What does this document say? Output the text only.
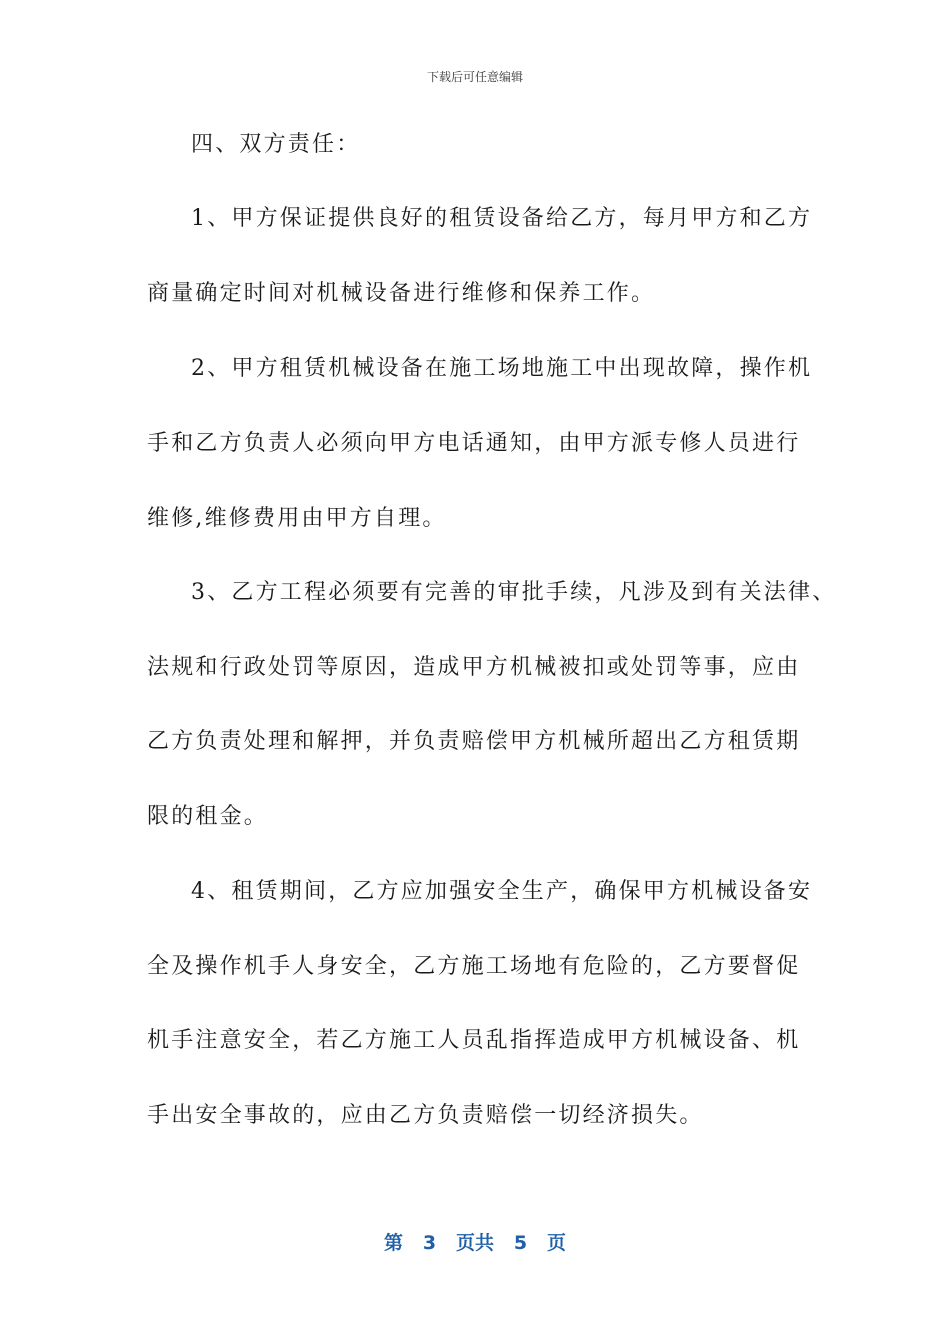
下载后可任意编辑
四、双方责任：
1、甲方保证提供良好的租赁设备给乙方，每月甲方和乙方
商量确定时间对机械设备进行维修和保养工作。
2、甲方租赁机械设备在施工场地施工中出现故障，操作机
手和乙方负责人必须向甲方电话通知，由甲方派专修人员进行
维修,维修费用由甲方自理。
3、乙方工程必须要有完善的审批手续，凡涉及到有关法律、
法规和行政处罚等原因，造成甲方机械被扣或处罚等事，应由
乙方负责处理和解押，并负责赔偿甲方机械所超出乙方租赁期
限的租金。
4、租赁期间，乙方应加强安全生产，确保甲方机械设备安
全及操作机手人身安全，乙方施工场地有危险的，乙方要督促
机手注意安全，若乙方施工人员乱指挥造成甲方机械设备、机
手出安全事故的，应由乙方负责赔偿一切经济损失。
第 3 页共 5 页
